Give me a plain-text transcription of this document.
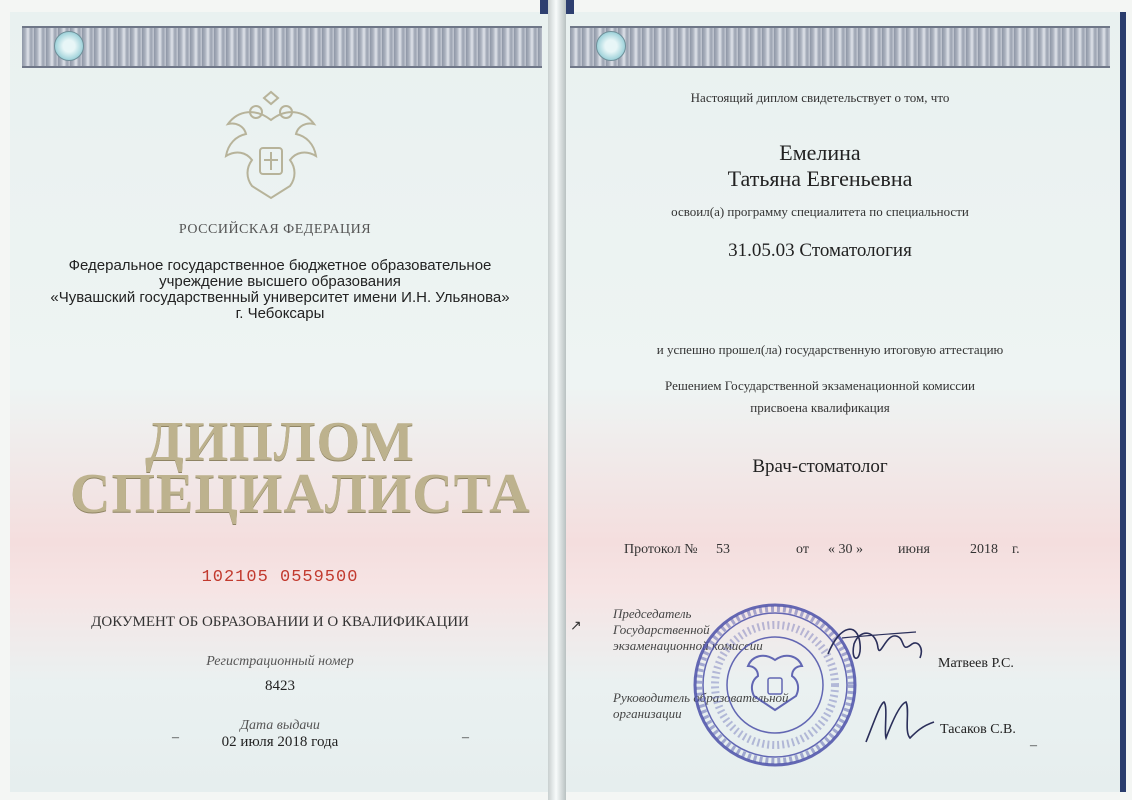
РОССИЙСКАЯ ФЕДЕРАЦИЯ
Федеральное государственное бюджетное образовательное
учреждение высшего образования
«Чувашский государственный университет имени И.Н. Ульянова»
г. Чебоксары
ДИПЛОМ
СПЕЦИАЛИСТА
102105 0559500
ДОКУМЕНТ ОБ ОБРАЗОВАНИИ И О КВАЛИФИКАЦИИ
Регистрационный номер
8423
Дата выдачи
02 июля 2018 года
–	–
Настоящий диплом свидетельствует о том, что
Емелина
Татьяна Евгеньевна
освоил(а) программу специалитета по специальности
31.05.03 Стоматология
и успешно прошел(ла) государственную итоговую аттестацию
Решением Государственной экзаменационной комиссии
присвоена квалификация
Врач-стоматолог
Протокол № 53	от « 30 »	июня	2018 г.
Председатель
Государственной
экзаменационной комиссии
Матвеев Р.С.
Руководитель образовательной
организации
Тасаков С.В.
–
↗
